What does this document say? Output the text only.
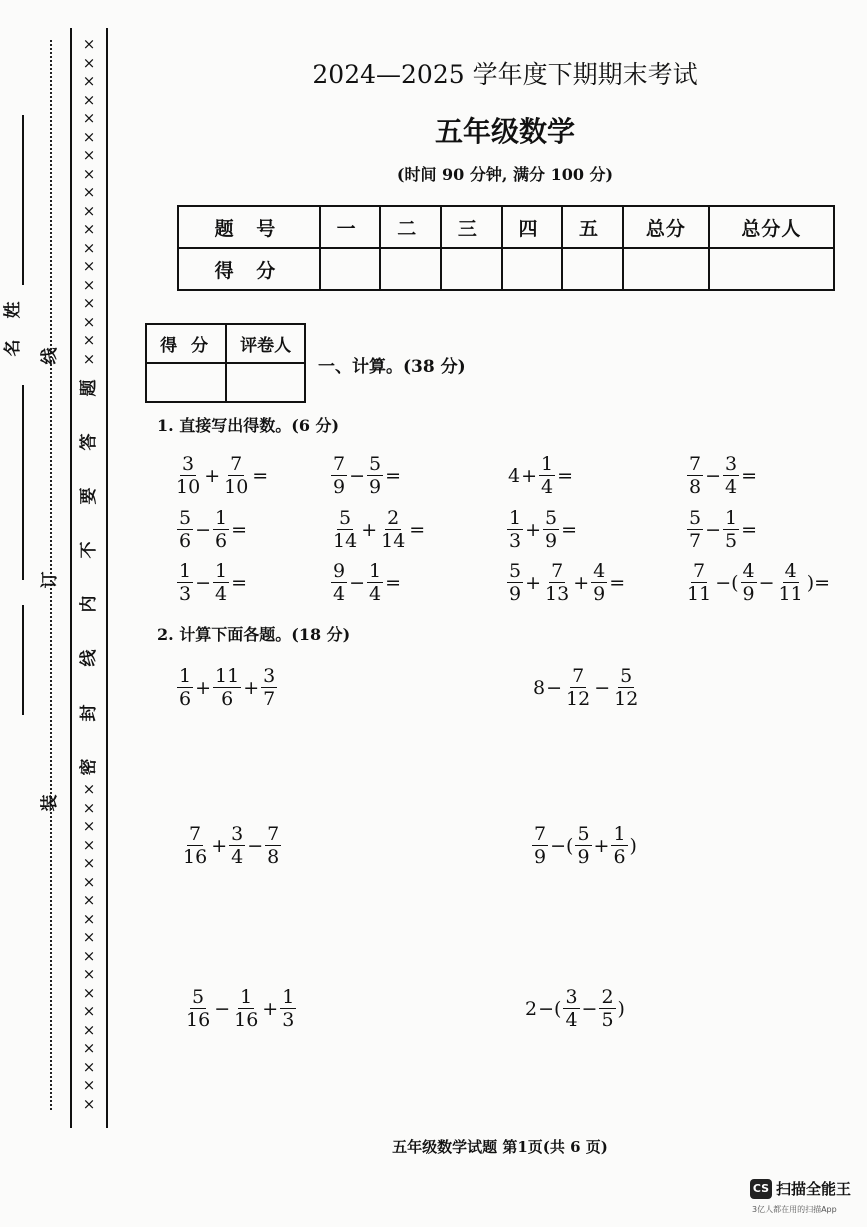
姓
名 线
订
装
×
×
×
×
×
×
×
×
×
×
×
×
×
×
×
×
×
×
题
答
要
不
内
线
封
密
×
×
×
×
×
×
×
×
×
×
×
×
×
×
×
×
×
×
2024—2025 学年度下期期末考试
五年级数学
(时间 90 分钟, 满分 100 分)
题 号	一	二	三	四	五	总分	总分人
得 分							
得 分	评卷人

一、计算。(38 分)
1. 直接写出得数。(6 分)
$\frac{3}{10} + \frac{7}{10}$ =	$\frac{7}{9} - \frac{5}{9}$ =	$4 + \frac{1}{4}$ =	$\frac{7}{8} - \frac{3}{4}$ =
$\frac{5}{6} - \frac{1}{6}$ =	$\frac{5}{14} + \frac{2}{14}$ =	$\frac{1}{3} + \frac{5}{9}$ =	$\frac{5}{7} - \frac{1}{5}$ =
$\frac{1}{3} - \frac{1}{4}$ =	$\frac{9}{4} - \frac{1}{4}$ =	$\frac{5}{9} + \frac{7}{13} + \frac{4}{9}$ =	$\frac{7}{11}$ −( $\frac{4}{9} - \frac{4}{11}$ )=
2. 计算下面各题。(18 分)
$\frac{1}{6} + \frac{11}{6} + \frac{3}{7}$	$8 - \frac{7}{12} - \frac{5}{12}$
$\frac{7}{16} + \frac{3}{4} - \frac{7}{8}$	$\frac{7}{9}$ −( $\frac{5}{9} + \frac{1}{6}$ )
$\frac{5}{16} - \frac{1}{16} + \frac{1}{3}$	2 −( $\frac{3}{4} - \frac{2}{5}$ )
五年级数学试题 第1页(共 6 页)
CS 扫描全能王
3亿人都在用的扫描App
